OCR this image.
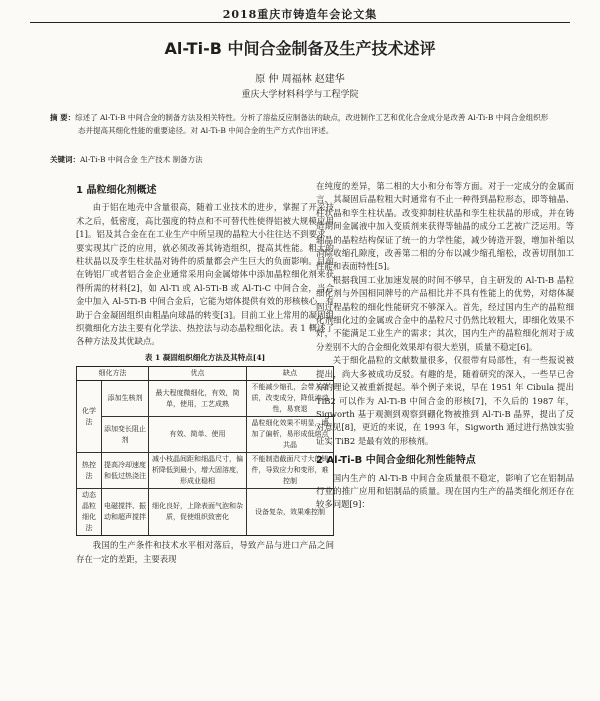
2018重庆市铸造年会论文集
Al-Ti-B 中间合金制备及生产技术述评
原 仲 周福林 赵建华
重庆大学材料科学与工程学院
摘 要：综述了 Al-Ti-B 中间合金的制备方法及相关特性。分析了溶盐反应制备法的缺点，改进制作工艺和优化合金成分是改善 Al-Ti-B 中间合金组织形态并提高其细化性能的重要途径。对 Al-Ti-B 中间合金的生产方式作出评述。
关键词：Al-Ti-B 中间合金 生产技术 制备方法
1 晶粒细化剂概述

由于铝在地壳中含量很高，随着工业技术的进步，掌握了开采技术之后，低密度，高比强度的特点和不可替代性使得铝被大规模应用[1]。铝及其合金在在工业生产中所呈现的晶粒大小往往达不到要求，要实现其广泛的应用，就必须改善其铸造组织，提高其性能。粗大的柱状晶以及孪生柱状晶对铸件的质量都会产生巨大的负面影响。目前在铸铝厂或者铝合金企业通常采用向金属熔体中添加晶粒细化剂来获得所需的材料[2]，如 Al-Ti 或 Al-5Ti-B 或 Al-Ti-C 中间合金，当合金中加入 Al-5Ti-B 中间合金后，它能为熔体提供有效的形核核心，有助于合金凝固组织由粗晶向球晶的转变[3]。目前工业上常用的凝固组织微细化方法主要有化学法、热控法与动态晶粒细化法。表 1 概述了各种方法及其优缺点。

表 1 凝固组织细化方法及其特点[4]
细化方法		优点	缺点
化学法	添加生核剂	最大程度微细化，有效，简单，使用，工艺成熟	不能减少缩孔，会带入杂质，改变成分，降低流动性，易衰退
	添加变长阻止剂	有效、简单、使用	晶粒细化效果不明显，增加了偏析，易形成低熔点共晶
热控法	提高冷却速度和低过热浇注	减小枝晶间距和细晶尺寸，偏析降低到最小，增大固溶度，形成业稳相	不能制造截面尺寸大的铸件，导致应力和变形，难控制
动态晶粒细化法	电磁搅拌、振动和超声搅拌	细化良好，上除表面气泡和杂质，促使组织致密化	设备复杂，效果难控制

我国的生产条件和技术水平相对落后，导致产品与进口产品之间存在一定的差距，主要表现

在纯度的差异，第二相的大小和分布等方面。对于一定成分的金属而言，其凝固后晶粒粗大时通常有不止一种得到晶粒形态，即等轴晶、柱状晶和孪生柱状晶。改变抑制柱状晶和孪生柱状晶的形成，并在铸造期间金属液中加入变质剂来获得等轴晶的成分工艺被广泛运用。等轴晶的晶粒结构保证了统一的力学性能，减少铸造开裂，增加补缩以消除收缩孔隙度，改善第二相的分布以减少缩孔缩松，改善切削加工性能和表面特性[5]。

根据我国工业加速发展的时间不够早，自主研发的 Al-Ti-B 晶粒细化剂与外国相同牌号的产品相比并不具有性能上的优势，对熔体凝固过程晶粒的细化性能研究不够深入。首先，经过国内生产的晶粒细化剂细化过的金属或合金中的晶粒尺寸仍然比较粗大，即细化效果不好，不能满足工业生产的需求；其次，国内生产的晶粒细化剂对于成分差别不大的合金细化效果却有很大差别，质量不稳定[6]。

关于细化晶粒的文献数量很多，仅很带有局部性，有一些报说被提出，尚大多被成功反驳。有趣的是，随着研究的深入，一些早已舍弃的理论又被重新提起。举个例子来说，早在 1951 年 Cibula 提出 TiB2 可以作为 Al-Ti-B 中间合金的形核[7]，不久后的 1987 年，Sigworth 基于观测到观察到硼化物被推到 Al-Ti-B 晶界，提出了反对意见[8]，更近的来说，在 1993 年，Sigworth 通过进行热蚀实验证实 TiB2 是最有效的形核剂。

2 Al-Ti-B 中间合金细化剂性能特点

国内生产的 Al-Ti-B 中间合金质量很不稳定，影响了它在铝制品行业的推广应用和铝制品的质量。现在国内生产的晶类细化剂还存在较多问题[9]：
